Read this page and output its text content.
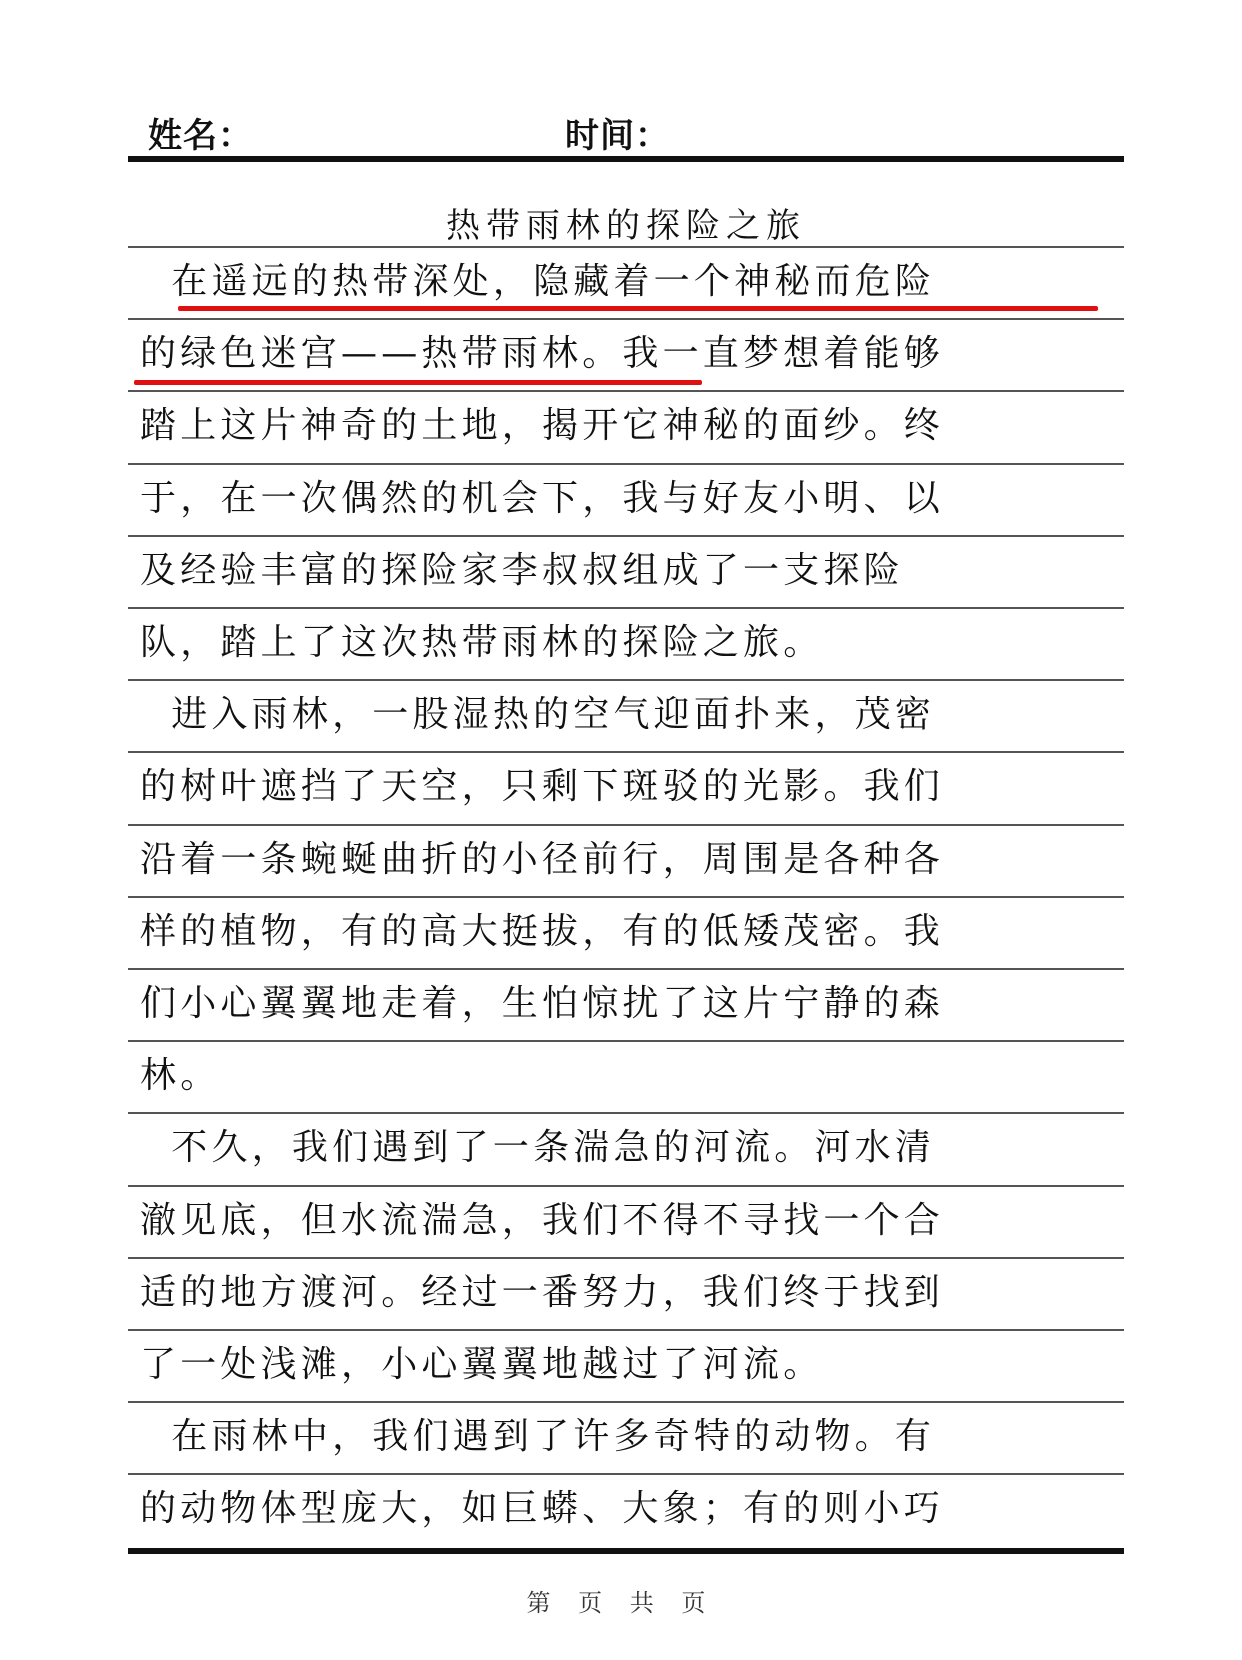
姓名：	时间：
热带雨林的探险之旅
在遥远的热带深处，隐藏着一个神秘而危险
的绿色迷宫——热带雨林。我一直梦想着能够
踏上这片神奇的土地，揭开它神秘的面纱。终
于，在一次偶然的机会下，我与好友小明、以
及经验丰富的探险家李叔叔组成了一支探险
队，踏上了这次热带雨林的探险之旅。
进入雨林，一股湿热的空气迎面扑来，茂密
的树叶遮挡了天空，只剩下斑驳的光影。我们
沿着一条蜿蜒曲折的小径前行，周围是各种各
样的植物，有的高大挺拔，有的低矮茂密。我
们小心翼翼地走着，生怕惊扰了这片宁静的森
林。
不久，我们遇到了一条湍急的河流。河水清
澈见底，但水流湍急，我们不得不寻找一个合
适的地方渡河。经过一番努力，我们终于找到
了一处浅滩，小心翼翼地越过了河流。
在雨林中，我们遇到了许多奇特的动物。有
的动物体型庞大，如巨蟒、大象；有的则小巧
第 页 共 页
